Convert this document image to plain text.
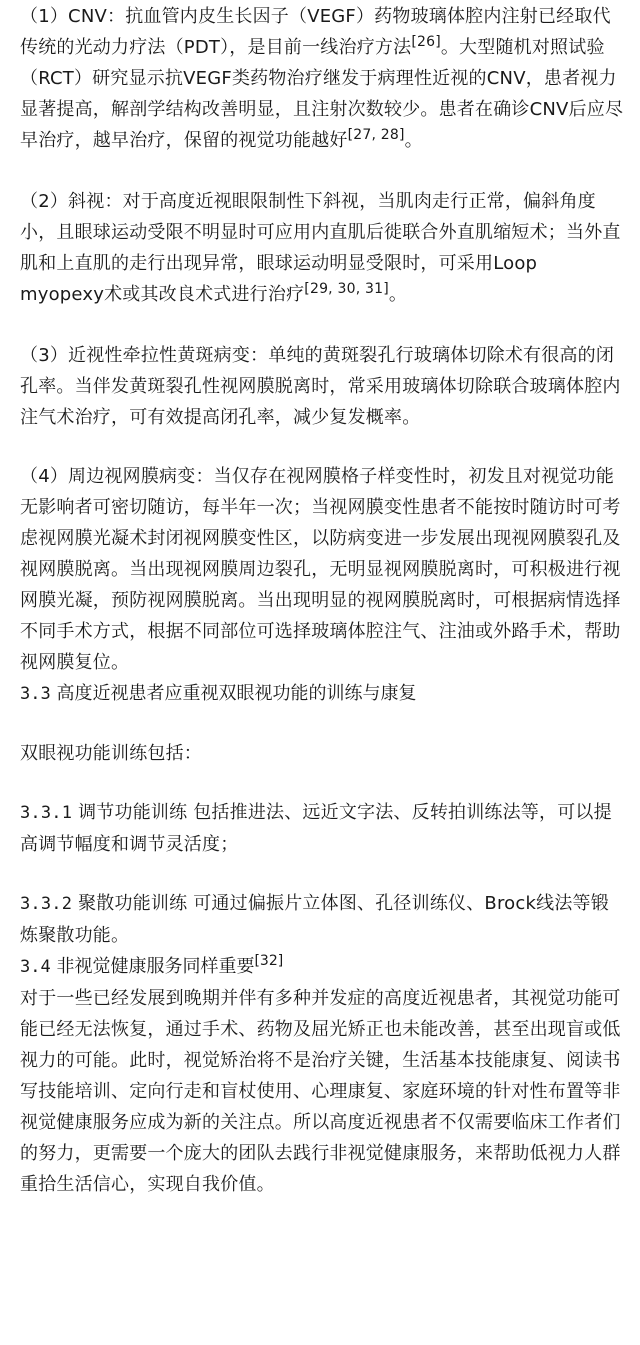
（1）CNV：抗血管内皮生长因子（VEGF）药物玻璃体腔内注射已经取代传统的光动力疗法（PDT），是目前一线治疗方法[26]。大型随机对照试验（RCT）研究显示抗VEGF类药物治疗继发于病理性近视的CNV，患者视力显著提高，解剖学结构改善明显，且注射次数较少。患者在确诊CNV后应尽早治疗，越早治疗，保留的视觉功能越好[27, 28]。

（2）斜视：对于高度近视眼限制性下斜视，当肌肉走行正常，偏斜角度小，且眼球运动受限不明显时可应用内直肌后徙联合外直肌缩短术；当外直肌和上直肌的走行出现异常，眼球运动明显受限时，可采用Loop myopexy术或其改良术式进行治疗[29, 30, 31]。

（3）近视性牵拉性黄斑病变：单纯的黄斑裂孔行玻璃体切除术有很高的闭孔率。当伴发黄斑裂孔性视网膜脱离时，常采用玻璃体切除联合玻璃体腔内注气术治疗，可有效提高闭孔率，减少复发概率。

（4）周边视网膜病变：当仅存在视网膜格子样变性时，初发且对视觉功能无影响者可密切随访，每半年一次；当视网膜变性患者不能按时随访时可考虑视网膜光凝术封闭视网膜变性区，以防病变进一步发展出现视网膜裂孔及视网膜脱离。当出现视网膜周边裂孔，无明显视网膜脱离时，可积极进行视网膜光凝，预防视网膜脱离。当出现明显的视网膜脱离时，可根据病情选择不同手术方式，根据不同部位可选择玻璃体腔注气、注油或外路手术，帮助视网膜复位。

3.3 高度近视患者应重视双眼视功能的训练与康复

双眼视功能训练包括：

3.3.1 调节功能训练 包括推进法、远近文字法、反转拍训练法等，可以提高调节幅度和调节灵活度；

3.3.2 聚散功能训练 可通过偏振片立体图、孔径训练仪、Brock线法等锻炼聚散功能。

3.4 非视觉健康服务同样重要[32]

对于一些已经发展到晚期并伴有多种并发症的高度近视患者，其视觉功能可能已经无法恢复，通过手术、药物及屈光矫正也未能改善，甚至出现盲或低视力的可能。此时，视觉矫治将不是治疗关键，生活基本技能康复、阅读书写技能培训、定向行走和盲杖使用、心理康复、家庭环境的针对性布置等非视觉健康服务应成为新的关注点。所以高度近视患者不仅需要临床工作者们的努力，更需要一个庞大的团队去践行非视觉健康服务，来帮助低视力人群重拾生活信心，实现自我价值。
